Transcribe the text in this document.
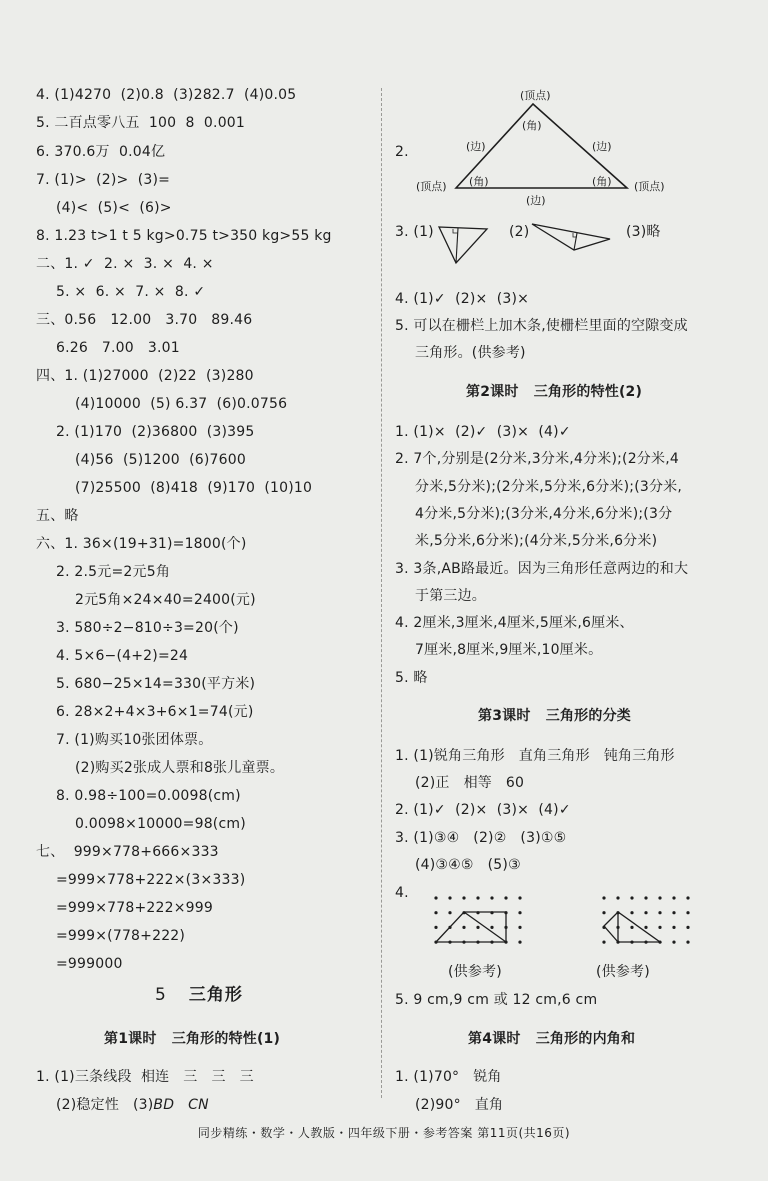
4. (1)4270  (2)0.8  (3)282.7  (4)0.05
5. 二百点零八五  100  8  0.001
6. 370.6万  0.04亿
7. (1)>  (2)>  (3)=
(4)<  (5)<  (6)>
8. 1.23 t>1 t 5 kg>0.75 t>350 kg>55 kg
二、1. ✓  2. ×  3. ×  4. ×
5. ×  6. ×  7. ×  8. ✓
三、0.56   12.00   3.70   89.46
6.26   7.00   3.01
四、1. (1)27000  (2)22  (3)280
(4)10000  (5) 6.37  (6)0.0756
2. (1)170  (2)36800  (3)395
(4)56  (5)1200  (6)7600
(7)25500  (8)418  (9)170  (10)10
五、略
六、1. 36×(19+31)=1800(个)
2. 2.5元=2元5角
2元5角×24×40=2400(元)
3. 580÷2−810÷3=20(个)
4. 5×6−(4+2)=24
5. 680−25×14=330(平方米)
6. 28×2+4×3+6×1=74(元)
7. (1)购买10张团体票。
(2)购买2张成人票和8张儿童票。
8. 0.98÷100=0.0098(cm)
0.0098×10000=98(cm)
七、  999×778+666×333
=999×778+222×(3×333)
=999×778+222×999
=999×(778+222)
=999000
5 三角形
第1课时   三角形的特性(1)
1. (1)三条线段  相连   三   三   三
(2)稳定性   (3)BD   CN
2.
(顶点)
(顶点)	(顶点)
(角)
(角)	(角)
(边)	(边)
(边)
3. (1)	(2)	(3)略
4. (1)✓  (2)×  (3)×
5. 可以在栅栏上加木条,使栅栏里面的空隙变成
三角形。(供参考)
第2课时   三角形的特性(2)
1. (1)×  (2)✓  (3)×  (4)✓
2. 7个,分别是(2分米,3分米,4分米);(2分米,4
分米,5分米);(2分米,5分米,6分米);(3分米,
4分米,5分米);(3分米,4分米,6分米);(3分
米,5分米,6分米);(4分米,5分米,6分米)
3. 3条,AB路最近。因为三角形任意两边的和大
于第三边。
4. 2厘米,3厘米,4厘米,5厘米,6厘米、
7厘米,8厘米,9厘米,10厘米。
5. 略
第3课时   三角形的分类
1. (1)锐角三角形   直角三角形   钝角三角形
(2)正   相等   60
2. (1)✓  (2)×  (3)×  (4)✓
3. (1)③④   (2)②   (3)①⑤
(4)③④⑤   (5)③
4.
(供参考)	(供参考)
5. 9 cm,9 cm 或 12 cm,6 cm
第4课时   三角形的内角和
1. (1)70°   锐角
(2)90°   直角
同步精练・数学・人教版・四年级下册・参考答案 第11页(共16页)
